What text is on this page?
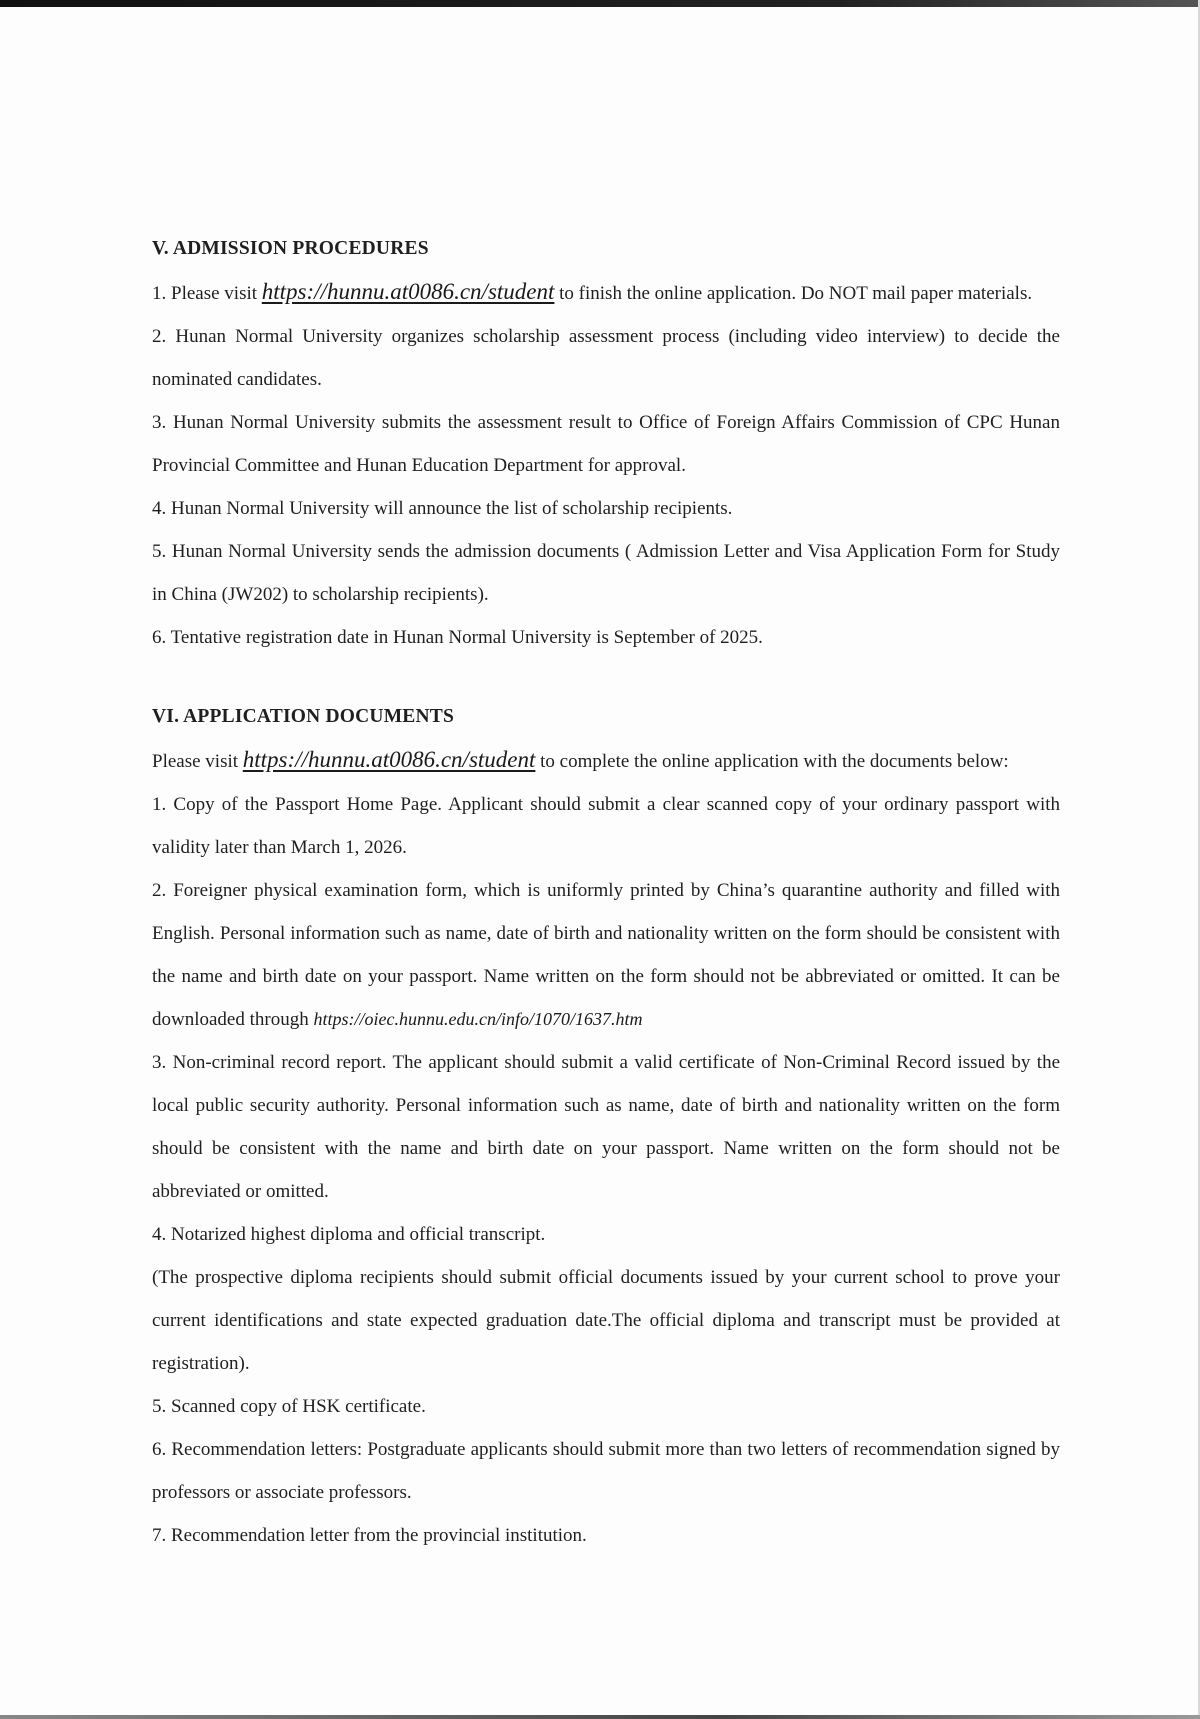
V. ADMISSION PROCEDURES

1. Please visit https://hunnu.at0086.cn/student to finish the online application. Do NOT mail paper materials.

2. Hunan Normal University organizes scholarship assessment process (including video interview) to decide the nominated candidates.

3. Hunan Normal University submits the assessment result to Office of Foreign Affairs Commission of CPC Hunan Provincial Committee and Hunan Education Department for approval.

4. Hunan Normal University will announce the list of scholarship recipients.

5. Hunan Normal University sends the admission documents ( Admission Letter and Visa Application Form for Study in China (JW202) to scholarship recipients).

6. Tentative registration date in Hunan Normal University is September of 2025.

VI. APPLICATION DOCUMENTS

Please visit https://hunnu.at0086.cn/student to complete the online application with the documents below:

1. Copy of the Passport Home Page. Applicant should submit a clear scanned copy of your ordinary passport with validity later than March 1, 2026.

2. Foreigner physical examination form, which is uniformly printed by China’s quarantine authority and filled with English. Personal information such as name, date of birth and nationality written on the form should be consistent with the name and birth date on your passport. Name written on the form should not be abbreviated or omitted. It can be downloaded through https://oiec.hunnu.edu.cn/info/1070/1637.htm

3. Non-criminal record report. The applicant should submit a valid certificate of Non-Criminal Record issued by the local public security authority. Personal information such as name, date of birth and nationality written on the form should be consistent with the name and birth date on your passport. Name written on the form should not be abbreviated or omitted.

4. Notarized highest diploma and official transcript.

(The prospective diploma recipients should submit official documents issued by your current school to prove your current identifications and state expected graduation date.The official diploma and transcript must be provided at registration).

5. Scanned copy of HSK certificate.

6. Recommendation letters: Postgraduate applicants should submit more than two letters of recommendation signed by professors or associate professors.

7. Recommendation letter from the provincial institution.
